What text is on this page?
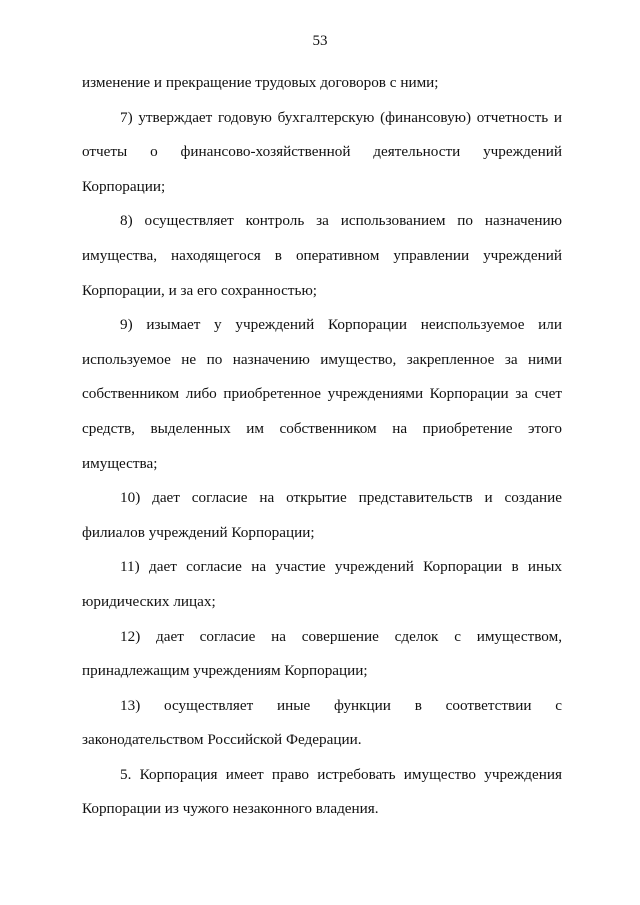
53

изменение и прекращение трудовых договоров с ними;

7) утверждает годовую бухгалтерскую (финансовую) отчетность и отчеты о финансово-хозяйственной деятельности учреждений Корпорации;

8) осуществляет контроль за использованием по назначению имущества, находящегося в оперативном управлении учреждений Корпорации, и за его сохранностью;

9) изымает у учреждений Корпорации неиспользуемое или используемое не по назначению имущество, закрепленное за ними собственником либо приобретенное учреждениями Корпорации за счет средств, выделенных им собственником на приобретение этого имущества;

10) дает согласие на открытие представительств и создание филиалов учреждений Корпорации;

11) дает согласие на участие учреждений Корпорации в иных юридических лицах;

12) дает согласие на совершение сделок с имуществом, принадлежащим учреждениям Корпорации;

13) осуществляет иные функции в соответствии с законодательством Российской Федерации.

5. Корпорация имеет право истребовать имущество учреждения Корпорации из чужого незаконного владения.
